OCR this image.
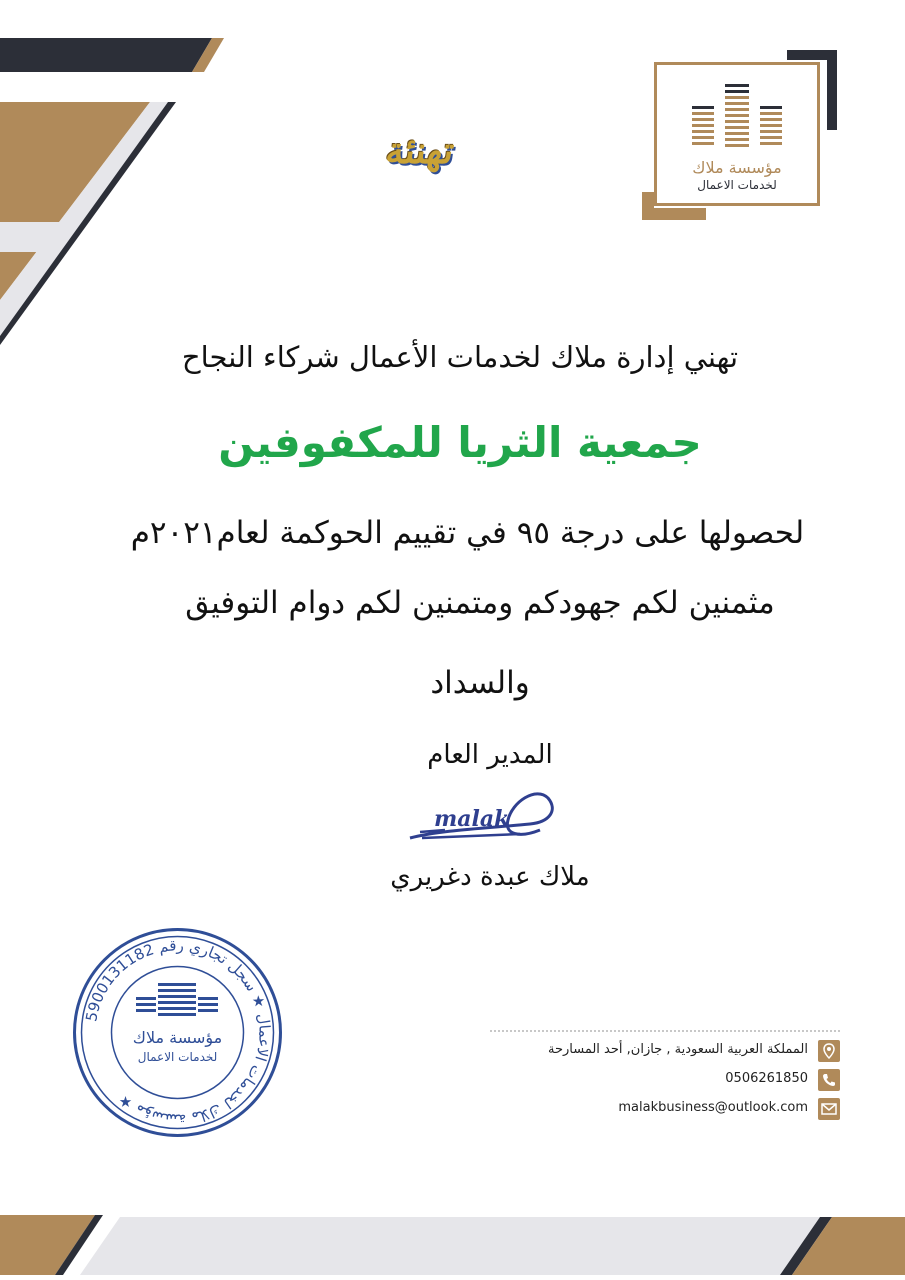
مؤسسة ملاك
لخدمات الاعمال
تهنئة
تهني إدارة ملاك لخدمات الأعمال شركاء النجاح
جمعية الثريا للمكفوفين
لحصولها على درجة ٩٥ في تقييم الحوكمة لعام٢٠٢١م
مثمنين لكم جهودكم ومتمنين لكم دوام التوفيق
والسداد
المدير العام
malak
ملاك عبدة دغريري
مؤسسة ملاك لخدمات الاعمال ★ سجل تجاري رقم 5900131182 ★
مؤسسة ملاك
لخدمات الاعمال	المملكة العربية السعودية , جازان, أحد المسارحة
0506261850
malakbusiness@outlook.com
